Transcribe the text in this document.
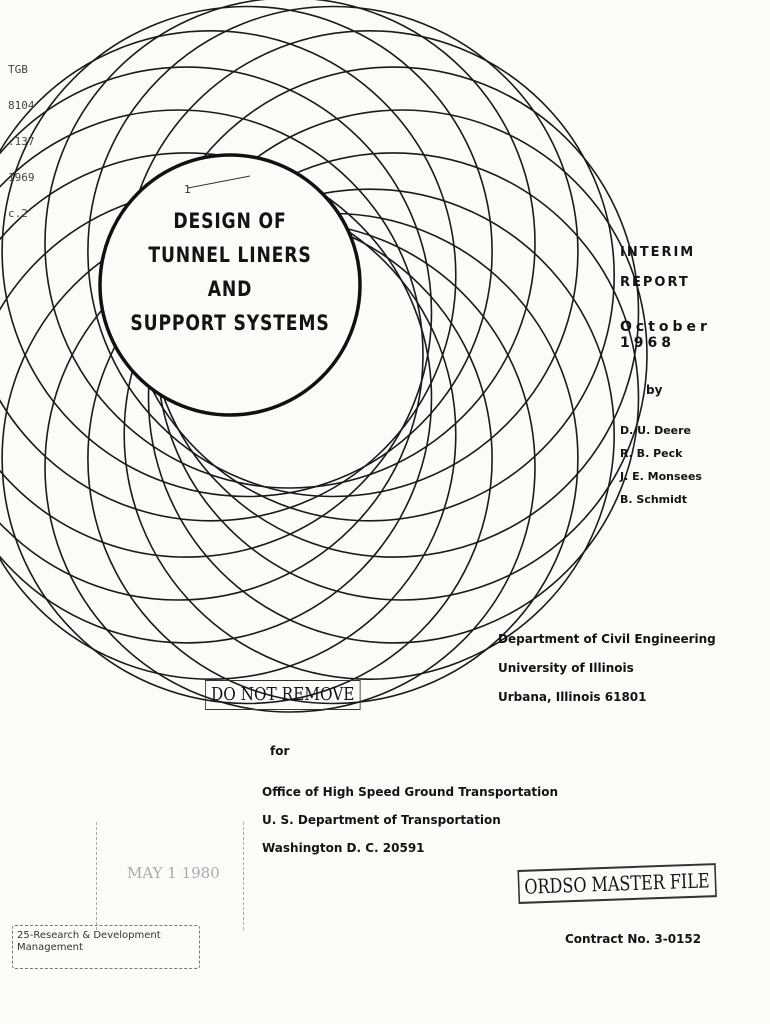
1

TGB

8104

.137

1969

c.2	DESIGN OF
TUNNEL LINERS
AND
SUPPORT SYSTEMS
INTERIM
REPORT
October 1968
by
D. U. Deere
R. B. Peck
J. E. Monsees
B. Schmidt
Department of Civil Engineering
University of Illinois
Urbana, Illinois 61801
DO NOT REMOVE
for
Office of High Speed Ground Transportation
U. S. Department of Transportation
Washington D. C. 20591
ORDSO MASTER FILE
MAY 1 1980
25-Research & Development
Management
Contract No. 3-0152
